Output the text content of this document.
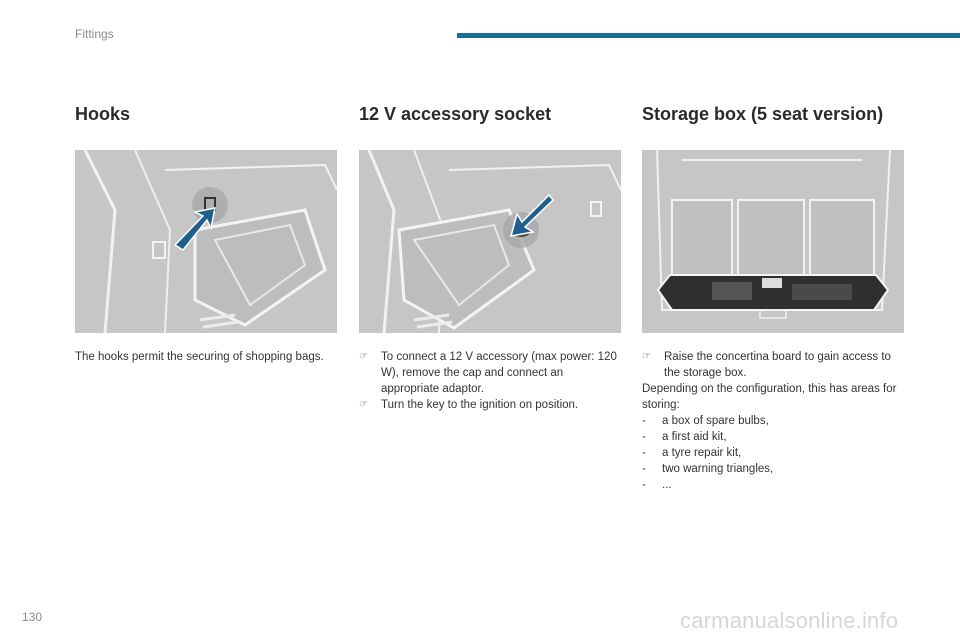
Fittings
Hooks

The hooks permit the securing of shopping bags.

12 V accessory socket
☞	To connect a 12 V accessory (max power: 120 W), remove the cap and connect an appropriate adaptor.
☞	Turn the key to the ignition on position.
Storage box (5 seat version)
☞	Raise the concertina board to gain access to the storage box.

Depending on the configuration, this has areas for storing:

-	a box of spare bulbs,
-	a first aid kit,
-	a tyre repair kit,
-	two warning triangles,
-	...
130	carmanualsonline.info
